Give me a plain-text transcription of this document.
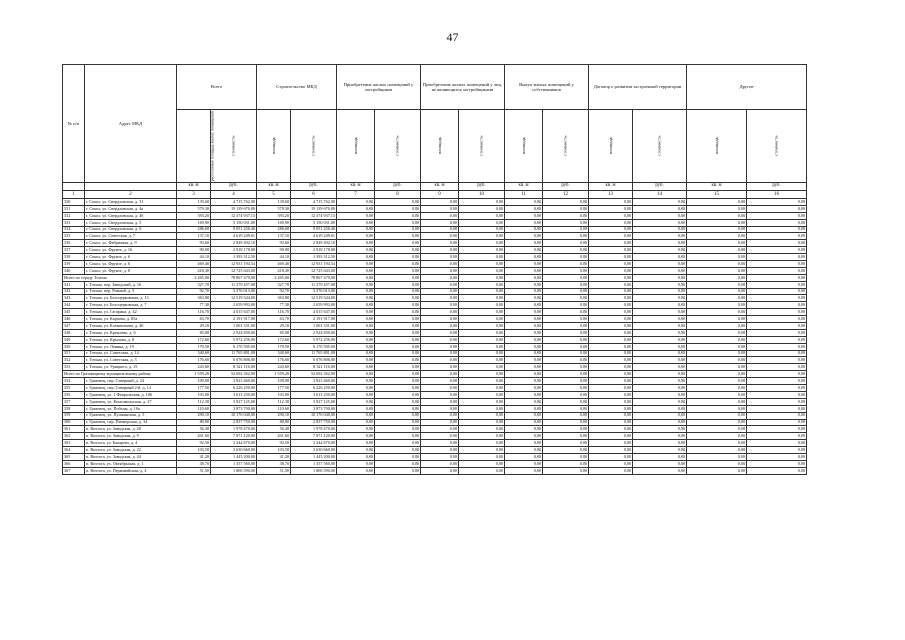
47
№ п/п	Адрес МКД	Всего		Строительство МКД		Приобретение жилых помещений у застройщиков		Приобретение жилых помещений у лиц, не являющихся застройщиками		Выкуп жилых помещений у собственников		Договор о развитии застроенной территории		Другие	
		расселяемая площадь жилых помещений	стоимость	площадь	стоимость	площадь	стоимость	площадь	стоимость	площадь	стоимость	площадь	стоимость	площадь	стоимость
		кв. м	руб.	кв. м	руб.	кв. м	руб.	кв. м	руб.	кв. м	руб.	кв. м	руб.	кв. м	руб.
1	2	3	4	5	6	7	8	9	10	11	12	13	14	15	16
330	г. Сокол, ул. Свердловская, д. 31	139,60	4 715 762,00	139,60	4 715 762,00	0,00	0,00	0,00	0,00	0,00	0,00	0,00	0,00	0,00	0,00
331	г. Сокол, ул. Свердловская, д. 4а	579,30	19 139 670,00	579,30	19 139 670,00	0,00	0,00	0,00	0,00	0,00	0,00	0,00	0,00	0,00	0,00
332	г. Сокол, ул. Свердловская, д. 4б	393,20	12 374 937,13	393,20	12 374 937,13	0,00	0,00	0,00	0,00	0,00	0,00	0,00	0,00	0,00	0,00
333	г. Сокол, ул. Свердловская, д. 5	169,90	5 150 031,00	169,90	5 150 031,00	0,00	0,00	0,00	0,00	0,00	0,00	0,00	0,00	0,00	0,00
334	г. Сокол, ул. Свердловская, д. 6	286,60	9 051 256,46	286,60	9 051 256,46	0,00	0,00	0,00	0,00	0,00	0,00	0,00	0,00	0,00	0,00
335	г. Сокол, ул. Советская, д. 7	137,10	4 619 249,01	137,10	4 619 249,01	0,00	0,00	0,00	0,00	0,00	0,00	0,00	0,00	0,00	0,00
336	г. Сокол, ул. Фабричная, д. 9	93,60	2 849 492,10	93,60	2 849 492,10	0,00	0,00	0,00	0,00	0,00	0,00	0,00	0,00	0,00	0,00
337	г. Сокол, ул. Фрунзе, д. 16	90,00	2 918 178,00	90,00	2 918 178,00	0,00	0,00	0,00	0,00	0,00	0,00	0,00	0,00	0,00	0,00
338	г. Сокол, ул. Фрунзе, д. 6	44,10	1 393 312,50	44,10	1 393 312,50	0,00	0,00	0,00	0,00	0,00	0,00	0,00	0,00	0,00	0,00
339	г. Сокол, ул. Фрунзе, д. 6	469,40	12 931 194,54	469,40	12 931 194,54	0,00	0,00	0,00	0,00	0,00	0,00	0,00	0,00	0,00	0,00
340	г. Сокол, ул. Фрунзе, д. 8	418,30	12 725 643,00	418,30	12 725 643,00	0,00	0,00	0,00	0,00	0,00	0,00	0,00	0,00	0,00	0,00
Итого по городу Тотьма		2 265,00	78 867 479,00	2 265,00	78 867 479,00	0,00	0,00	0,00	0,00	0,00	0,00	0,00	0,00	0,00	0,00
341	г. Тотьма, пер. Заводский, д. 16	327,70	11 379 457,00	327,70	11 379 457,00	0,00	0,00	0,00	0,00	0,00	0,00	0,00	0,00	0,00	0,00
342	г. Тотьма, пер. Ровный, д. 5	92,70	3 376 013,00	92,70	3 376 013,00	0,00	0,00	0,00	0,00	0,00	0,00	0,00	0,00	0,00	0,00
343	г. Тотьма, ул. Белоцерковская, д. 13	363,80	12 519 544,00	363,80	12 519 544,00	0,00	0,00	0,00	0,00	0,00	0,00	0,00	0,00	0,00	0,00
344	г. Тотьма, ул. Белоцерковская, д. 7	77,30	2 659 993,00	77,30	2 659 993,00	0,00	0,00	0,00	0,00	0,00	0,00	0,00	0,00	0,00	0,00
345	г. Тотьма, ул. Гагарина, д. 42	116,70	4 015 647,00	116,70	4 015 647,00	0,00	0,00	0,00	0,00	0,00	0,00	0,00	0,00	0,00	0,00
346	г. Тотьма, ул. Карпова, д. 85а	63,70	2 191 917,00	63,70	2 191 917,00	0,00	0,00	0,00	0,00	0,00	0,00	0,00	0,00	0,00	0,00
347	г. Тотьма, ул. Клементьева, д. 40	29,10	1 001 331,00	29,10	1 001 331,00	0,00	0,00	0,00	0,00	0,00	0,00	0,00	0,00	0,00	0,00
348	г. Тотьма, ул. Кремлева, д. 6	85,00	2 924 850,00	85,00	2 924 850,00	0,00	0,00	0,00	0,00	0,00	0,00	0,00	0,00	0,00	0,00
349	г. Тотьма, ул. Крылова, д. 8	172,60	5 972 256,00	172,60	5 972 256,00	0,00	0,00	0,00	0,00	0,00	0,00	0,00	0,00	0,00	0,00
350	г. Тотьма, ул. Ленина, д. 19	179,50	6 176 595,00	179,50	6 176 595,00	0,00	0,00	0,00	0,00	0,00	0,00	0,00	0,00	0,00	0,00
351	г. Тотьма, ул. Советская, д. 14	340,60	11 765 801,00	340,60	11 765 801,00	0,00	0,00	0,00	0,00	0,00	0,00	0,00	0,00	0,00	0,00
352	г. Тотьма, ул. Советская, д. 3	176,60	6 076 806,00	176,60	6 076 806,00	0,00	0,00	0,00	0,00	0,00	0,00	0,00	0,00	0,00	0,00
353	г. Тотьма, ул. Урицкого, д. 15	243,60	8 321 116,00	243,60	8 321 116,00	0,00	0,00	0,00	0,00	0,00	0,00	0,00	0,00	0,00	0,00
Итого по Грязовецкому муниципальному району		1 559,20	54 692 362,00	1 559,20	54 692 362,00	0,00	0,00	0,00	0,00	0,00	0,00	0,00	0,00	0,00	0,00
354	г. Грязовец, пер. Северный, д. 24	109,00	3 823 460,00	109,00	3 823 460,00	0,00	0,00	0,00	0,00	0,00	0,00	0,00	0,00	0,00	0,00
355	г. Грязовец, пер. Северный 2-й, д. 14	177,50	6 226 250,00	177,50	6 226 250,00	0,00	0,00	0,00	0,00	0,00	0,00	0,00	0,00	0,00	0,00
356	г. Грязовец, ул. 1 Февральская, д. 106	103,00	3 613 250,00	103,00	3 613 250,00	0,00	0,00	0,00	0,00	0,00	0,00	0,00	0,00	0,00	0,00
357	г. Грязовец, ул. Комсомольская, д. 27	112,30	3 927 125,00	112,30	3 927 125,00	0,00	0,00	0,00	0,00	0,00	0,00	0,00	0,00	0,00	0,00
358	г. Грязовец, ул. Победы, д. 10а	110,60	3 873 790,00	110,60	3 873 790,00	0,00	0,00	0,00	0,00	0,00	0,00	0,00	0,00	0,00	0,00
359	г. Грязовец, ул. Пушкинская, д. 5	290,10	10 176 040,00	290,10	10 176 040,00	0,00	0,00	0,00	0,00	0,00	0,00	0,00	0,00	0,00	0,00
360	г. Грязовец, пер. Пионерская, д. 34	80,90	2 837 750,00	80,90	2 837 750,00	0,00	0,00	0,00	0,00	0,00	0,00	0,00	0,00	0,00	0,00
361	п. Вохтога, ул. Заводская, д. 20	56,40	1 978 470,00	56,40	1 978 470,00	0,00	0,00	0,00	0,00	0,00	0,00	0,00	0,00	0,00	0,00
362	п. Вохтога, ул. Заводская, д. 9	201,60	7 071 120,00	201,60	7 071 120,00	0,00	0,00	0,00	0,00	0,00	0,00	0,00	0,00	0,00	0,00
363	п. Вохтога, ул. Бокарева, д. 4	92,50	3 244 670,00	92,50	3 244 670,00	0,00	0,00	0,00	0,00	0,00	0,00	0,00	0,00	0,00	0,00
364	п. Вохтога, ул. Заводская, д. 22	103,50	3 630 660,00	103,50	3 630 660,00	0,00	0,00	0,00	0,00	0,00	0,00	0,00	0,00	0,00	0,00
365	п. Вохтога, ул. Заводская, д. 44	41,20	1 445 200,00	41,20	1 445 200,00	0,00	0,00	0,00	0,00	0,00	0,00	0,00	0,00	0,00	0,00
366	п. Вохтога, ул. Октябрьская, д. 1	38,70	1 357 560,00	38,70	1 357 560,00	0,00	0,00	0,00	0,00	0,00	0,00	0,00	0,00	0,00	0,00
367	п. Вохтога, ул. Первомайская, д. 4	51,50	1 806 590,00	51,50	1 806 590,00	0,00	0,00	0,00	0,00	0,00	0,00	0,00	0,00	0,00	0,00
